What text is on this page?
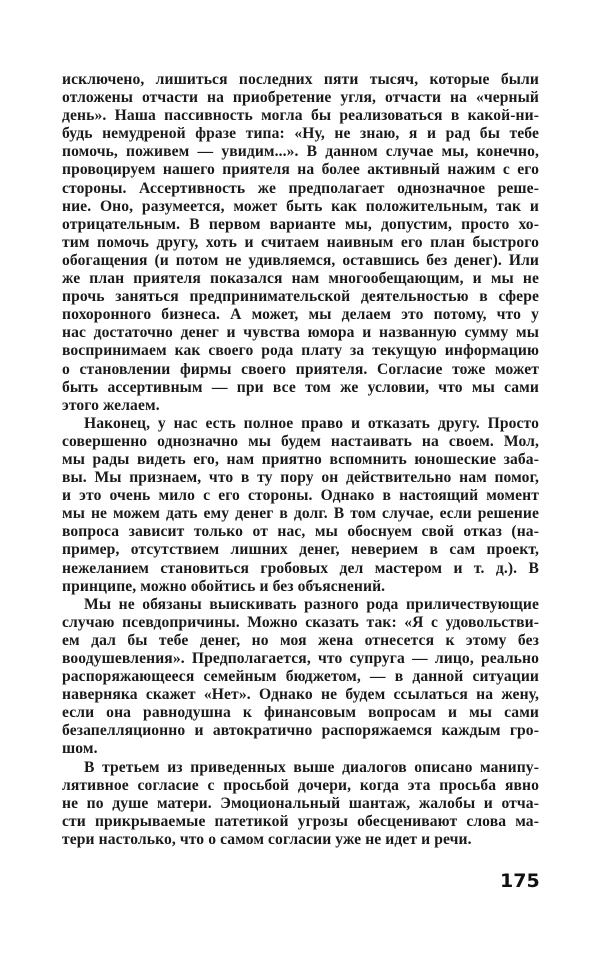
исключено, лишиться последних пяти тысяч, которые были
отложены отчасти на приобретение угля, отчасти на «черный
день». Наша пассивность могла бы реализоваться в какой-ни-
будь немудреной фразе типа: «Ну, не знаю, я и рад бы тебе
помочь, поживем — увидим...». В данном случае мы, конечно,
провоцируем нашего приятеля на более активный нажим с его
стороны. Ассертивность же предполагает однозначное реше-
ние. Оно, разумеется, может быть как положительным, так и
отрицательным. В первом варианте мы, допустим, просто хо-
тим помочь другу, хоть и считаем наивным его план быстрого
обогащения (и потом не удивляемся, оставшись без денег). Или
же план приятеля показался нам многообещающим, и мы не
прочь заняться предпринимательской деятельностью в сфере
похоронного бизнеса. А может, мы делаем это потому, что у
нас достаточно денег и чувства юмора и названную сумму мы
воспринимаем как своего рода плату за текущую информацию
о становлении фирмы своего приятеля. Согласие тоже может
быть ассертивным — при все том же условии, что мы сами
этого желаем.
Наконец, у нас есть полное право и отказать другу. Просто
совершенно однозначно мы будем настаивать на своем. Мол,
мы рады видеть его, нам приятно вспомнить юношеские заба-
вы. Мы признаем, что в ту пору он действительно нам помог,
и это очень мило с его стороны. Однако в настоящий момент
мы не можем дать ему денег в долг. В том случае, если решение
вопроса зависит только от нас, мы обоснуем свой отказ (на-
пример, отсутствием лишних денег, неверием в сам проект,
нежеланием становиться гробовых дел мастером и т. д.). В
принципе, можно обойтись и без объяснений.
Мы не обязаны выискивать разного рода приличествующие
случаю псевдопричины. Можно сказать так: «Я с удовольстви-
ем дал бы тебе денег, но моя жена отнесется к этому без
воодушевления». Предполагается, что супруга — лицо, реально
распоряжающееся семейным бюджетом, — в данной ситуации
наверняка скажет «Нет». Однако не будем ссылаться на жену,
если она равнодушна к финансовым вопросам и мы сами
безапелляционно и автократично распоряжаемся каждым гро-
шом.
В третьем из приведенных выше диалогов описано манипу-
лятивное согласие с просьбой дочери, когда эта просьба явно
не по душе матери. Эмоциональный шантаж, жалобы и отча-
сти прикрываемые патетикой угрозы обесценивают слова ма-
тери настолько, что о самом согласии уже не идет и речи.
175
